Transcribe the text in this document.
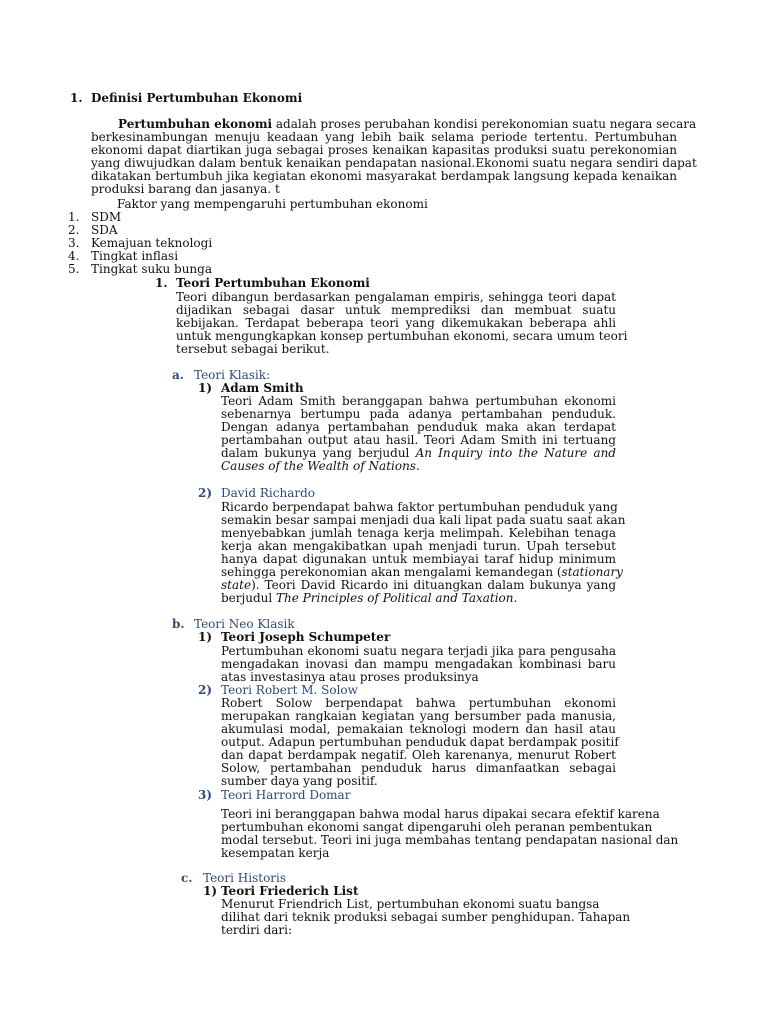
1. Definisi Pertumbuhan Ekonomi
Pertumbuhan ekonomi adalah proses perubahan kondisi perekonomian suatu negara secara
berkesinambungan menuju keadaan yang lebih baik selama periode tertentu. Pertumbuhan
ekonomi dapat diartikan juga sebagai proses kenaikan kapasitas produksi suatu perekonomian
yang diwujudkan dalam bentuk kenaikan pendapatan nasional.Ekonomi suatu negara sendiri dapat
dikatakan bertumbuh jika kegiatan ekonomi masyarakat berdampak langsung kepada kenaikan
produksi barang dan jasanya. t
Faktor yang mempengaruhi pertumbuhan ekonomi
1. SDM
2. SDA
3. Kemajuan teknologi
4. Tingkat inflasi
5. Tingkat suku bunga
1. Teori Pertumbuhan Ekonomi
Teori dibangun berdasarkan pengalaman empiris, sehingga teori dapat
dijadikan sebagai dasar untuk memprediksi dan membuat suatu
kebijakan. Terdapat beberapa teori yang dikemukakan beberapa ahli
untuk mengungkapkan konsep pertumbuhan ekonomi, secara umum teori
tersebut sebagai berikut.
a. Teori Klasik:
1) Adam Smith
Teori Adam Smith beranggapan bahwa pertumbuhan ekonomi
sebenarnya bertumpu pada adanya pertambahan penduduk.
Dengan adanya pertambahan penduduk maka akan terdapat
pertambahan output atau hasil. Teori Adam Smith ini tertuang
dalam bukunya yang berjudul An Inquiry into the Nature and
Causes of the Wealth of Nations.
2) David Richardo
Ricardo berpendapat bahwa faktor pertumbuhan penduduk yang
semakin besar sampai menjadi dua kali lipat pada suatu saat akan
menyebabkan jumlah tenaga kerja melimpah. Kelebihan tenaga
kerja akan mengakibatkan upah menjadi turun. Upah tersebut
hanya dapat digunakan untuk membiayai taraf hidup minimum
sehingga perekonomian akan mengalami kemandegan (stationary
state). Teori David Ricardo ini dituangkan dalam bukunya yang
berjudul The Principles of Political and Taxation.
b. Teori Neo Klasik
1) Teori Joseph Schumpeter
Pertumbuhan ekonomi suatu negara terjadi jika para pengusaha
mengadakan inovasi dan mampu mengadakan kombinasi baru
atas investasinya atau proses produksinya
2) Teori Robert M. Solow
Robert Solow berpendapat bahwa pertumbuhan ekonomi
merupakan rangkaian kegiatan yang bersumber pada manusia,
akumulasi modal, pemakaian teknologi modern dan hasil atau
output. Adapun pertumbuhan penduduk dapat berdampak positif
dan dapat berdampak negatif. Oleh karenanya, menurut Robert
Solow, pertambahan penduduk harus dimanfaatkan sebagai
sumber daya yang positif.
3) Teori Harrord Domar
Teori ini beranggapan bahwa modal harus dipakai secara efektif karena
pertumbuhan ekonomi sangat dipengaruhi oleh peranan pembentukan
modal tersebut. Teori ini juga membahas tentang pendapatan nasional dan
kesempatan kerja
c. Teori Historis
1) Teori Friederich List
Menurut Friendrich List, pertumbuhan ekonomi suatu bangsa
dilihat dari teknik produksi sebagai sumber penghidupan. Tahapan
terdiri dari:
